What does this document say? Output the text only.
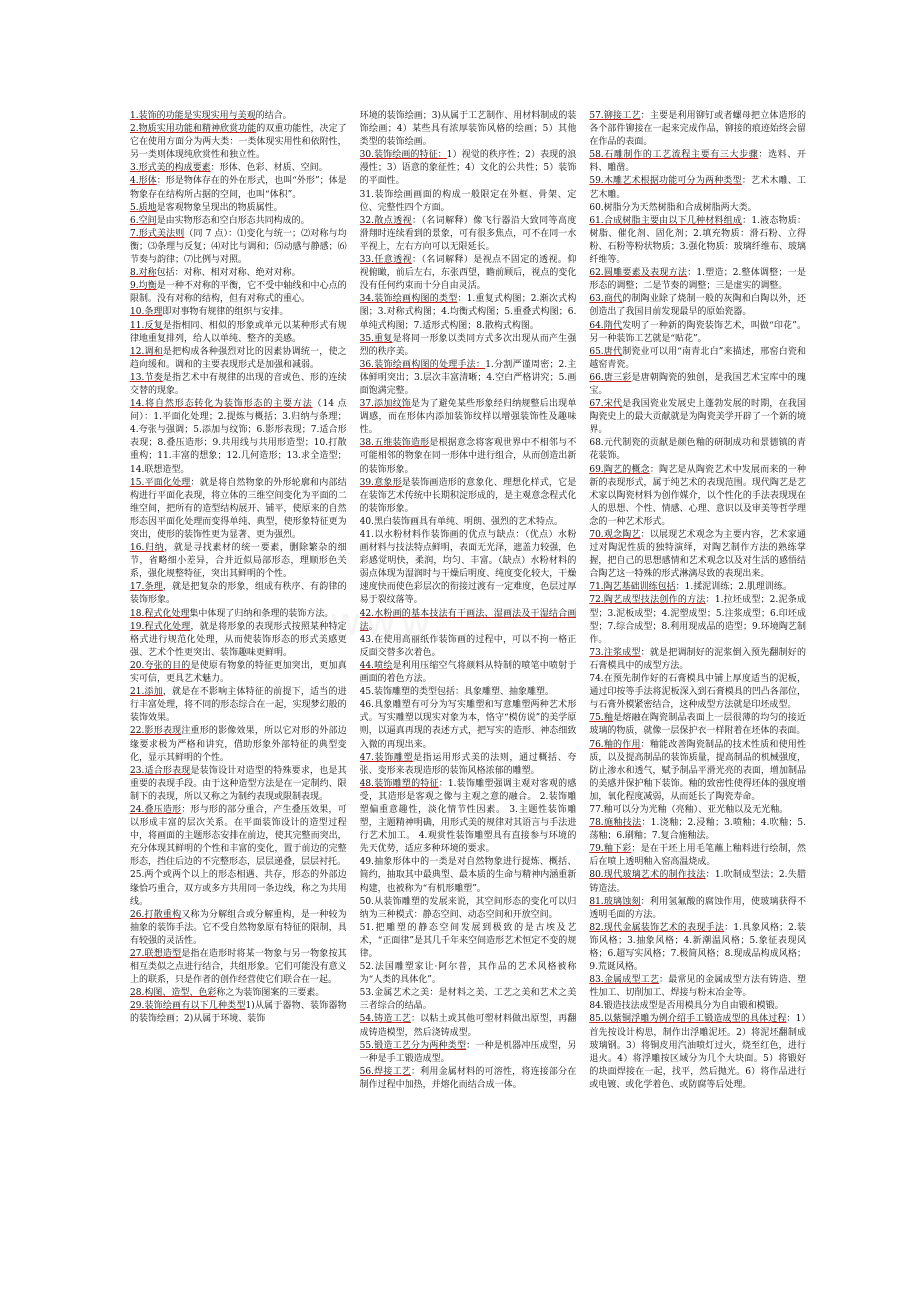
1.装饰的功能是实现实用与美观的结合。

2.物质实用功能和精神欣赏功能的双重功能性，决定了它在使用方面分为两大类：一类体现实用性和依附性，另一类则体现纯欣赏性和独立性。

3.形式美的构成要素：形体、色彩、材质、空间。

4.形体：形是物体存在的外在形式，也叫“外形”；体是物象存在结构所占据的空间，也叫“体积”。

5.质地是客观物象呈现出的物质属性。

6.空间是由实物形态和空白形态共同构成的。

7.形式美法则（同 7 点）：⑴变化与统一；⑵对称与均衡；⑶条理与反复；⑷对比与调和；⑸动感与静感；⑹节奏与韵律；⑺比例与对照。

8.对称包括：对称、相对对称、绝对对称。

9.均衡是一种不对称的平衡，它不受中轴线和中心点的限制。没有对称的结构，但有对称式的重心。

10.条理即对事物有规律的组织与安排。

11.反复是指相同、相似的形象或单元以某种形式有规律地重复排列，给人以单纯、整齐的美感。

12.调和是把构成各种强烈对比的因素协调统一，使之趋向缓和。调和的主要表现形式是加强和减弱。

13.节奏是指艺术中有规律的出现的音或色、形的连续交替的现象。

14.将自然形态转化为装饰形态的主要方法（14 点 问）：1.平面化处理；2.提炼与概括；3.归纳与条理；4.夸张与强调；5.添加与纹饰；6.影形表现；7.适合形表现；8.叠压造形；9.共用线与共用形造型；10.打散重构；11.丰富的想象；12.几何造形；13.求全造型；14.联想造型。

15.平面化处理：就是将自然物象的外形轮廓和内部结构进行平面化表现，将立体的三维空间变化为平面的二维空间，把所有的造型结构展开、铺平，使原来的自然形态因平面化处理而变得单纯、典型，使形象特征更为突出，使形的装饰性更为显著、更为强烈。

16.归纳，就是寻找素材的统一要素，删除繁杂的细节，省略细小差异，合并近似局部形态，理顺形色关系，强化规整特征，突出其鲜明的个性。

17.条理，就是把复杂的形象，组成有秩序、有韵律的装饰形象。

18.程式化处理集中体现了归纳和条理的装饰方法。

19.程式化处理，就是将形象的表现形式按照某种特定格式进行规范化处理，从而使装饰形态的形式美感更强、艺术个性更突出、装饰趣味更鲜明。

20.夸张的目的是使原有物象的特征更加突出，更加真实可信，更具艺术魅力。

21.添加，就是在不影响主体特征的前提下，适当的进行丰富处理，将不同的形态综合在一起，实现梦幻般的装饰效果。

22.影形表现注重形的影像效果，所以它对形的外部边缘要求极为严格和讲究，借助形象外部特征的典型变化，显示其鲜明的个性。

23.适合形表现是装饰设计对造型的特殊要求，也是其重要的表现手段。由于这种造型方法是在一定制约、限制下的表现，所以又称之为制约表现或限制表现。

24.叠压造形：形与形的部分重合，产生叠压效果，可以形成丰富的层次关系。在平面装饰设计的造型过程中，将画面的主题形态安排在前边，使其完整而突出，充分体现其鲜明的个性和丰富的变化，置于前边的完整形态，挡住后边的不完整形态，层层递叠，层层衬托。

25.两个或两个以上的形态相遇、共存，形态的外部边缘恰巧重合，双方或多方共用同一条边线，称之为共用线。

26.打散重构又称为分解组合或分解重构，是一种较为抽象的装饰手法。它不受自然物象原有特征的限制，具有较强的灵活性。

27.联想造型是指在造形时将某一物象与另一物象按其相互类似之点进行结合，共组形象。它们可能没有意义上的联系，只是作者的创作经营使它们联合在一起。

28.构图、造型、色彩称之为装饰图案的三要素。

29.装饰绘画有以下几种类型1)从属于器物、装饰器物的装饰绘画；2)从属于环境、装饰

环境的装饰绘画；3)从属于工艺制作、用材料制成的装饰绘画；4）某些具有浓厚装饰风格的绘画；5）其他类型的装饰绘画。

30.装饰绘画的特征：1）视觉的秩序性；2）表现的浪漫性；3）语意的象征性；4）文化的公共性；5）装饰的平面性。

31.装饰绘画画面的构成一般限定在外框、骨架、定位、完整性四个方面。

32.散点透视：（名词解释）像飞行器沿大致同等高度滑翔时连续看到的景象，可有很多焦点，可不在同一水平视上，左右方向可以无限延长。

33.任意透视：（名词解释）是视点不固定的透视。仰视俯瞰，前后左右，东张西望，瞻前顾后，视点的变化没有任何约束而十分自由灵活。

34.装饰绘画构图的类型：1.重复式构图；2.渐次式构图；3.对称式构图；4.均衡式构图；5.重叠式构图；6.单纯式构图；7.适形式构图；8.散构式构图。

35.重复是将同一形象以类同方式多次出现从而产生强烈的秩序美。

36.装饰绘画构图的处理手法：1.分割严谨周密；2.主体鲜明突出；3.层次丰富清晰；4.空白严格讲究；5.画面饱满完整。

37.添加纹饰是为了避免某些形象经归纳规整后出现单调感，而在形体内添加装饰纹样以增强装饰性及趣味性。

38.五维装饰造形是根据意念将客观世界中不相邻与不可能相邻的物象在同一形体中进行组合，从而创造出新的装饰形象。

39.意象形是装饰画造形的意象化、理想化样式，它是在装饰艺术传统中长期积淀形成的，是主观意念程式化的装饰形象。

40.黑白装饰画具有单纯、明朗、强烈的艺术特点。

41.以水粉材料作装饰画的优点与缺点：（优点）水粉画材料与技法特点鲜明，表面无光泽，遮盖力较强，色彩感觉明快，柔润，均匀、丰富。（缺点）水粉材料的弱点体现为湿润时与干燥后明度、纯度变化较大，干燥速度快而使色彩层次的衔接过渡有一定难度，色层过厚易于裂纹落等。

42.水粉画的基本技法有干画法、湿画法及干湿结合画法。

43.在使用高丽纸作装饰画的过程中，可以不拘一格正反面交替多次着色。

44.喷绘是利用压缩空气将颜料从特制的喷笔中喷射于画面的着色方法。

45.装饰雕塑的类型包括：具象雕塑、抽象雕塑。

46.具象雕塑有可分为写实雕塑和写意雕塑两种艺术形式。写实雕塑以现实对象为本，恪守“模仿说”的美学原则，以逼真再现的表述方式，把写实的造形、神态细致入微的再现出来。

47.装饰雕塑是指运用形式美的法则，通过概括、夸张、变形来表现造形的装饰风格浓郁的雕塑。

48.装饰雕塑的特征：1.装饰雕塑强调主观对客观的感受，其造形是客观之像与主观之意的融合。 2.装饰雕塑偏重意趣性，淡化情节性因素。 3.主题性装饰雕塑，主题精神明确，用形式美的规律对其语言与手法进行艺术加工。 4.观赏性装饰雕塑具有直接参与环境的先天优势，适应多种环境的要求。

49.抽象形体中的一类是对自然物象进行提炼、概括、简约，抽取其中最典型、最本质的生命与精神内涵重新构建，也被称为“有机形雕塑”。

50.从装饰雕塑的发展来说，其空间形态的变化可以归纳为三种模式：静态空间、动态空间和开放空间。

51.把雕塑的静态空间发展到极致的是古埃及艺术，“正面律”是其几千年来空间造形艺术恒定不变的规律。

52.法国雕塑家让·阿尔普，其作品的艺术风格被称为“人类的具体化”。

53.金属艺术之美：是材料之美、工艺之美和艺术之美三者综合的结晶。

54.铸造工艺：以粘土或其他可塑材料做出原型，再翻成铸造模型，然后浇铸成型。

55.锻造工艺分为两种类型：一种是机器冲压成型，另一种是手工锻造成型。

56.焊接工艺：利用金属材料的可溶性，将连接部分在制作过程中加热，并熔化而结合成一体。

57.铆接工艺：主要是利用铆钉或者螺母把立体造形的各个部件铆接在一起来完成作品，铆接的痕迹始终会留在作品的表面。

58.石雕制作的工艺流程主要有三大步骤：选料、开料、雕凿。

59.木雕艺术根据功能可分为两种类型：艺术木雕、工艺木雕。

60.树脂分为天然树脂和合成树脂两大类。

61.合成树脂主要由以下几种材料组成：1.液态物质：树脂、催化剂、固化剂；2.填充物质：滑石粉、立得粉、石粉等粉状物质；3.强化物质：玻璃纤维布、玻璃纤维等。

62.圆雕要素及表现方法：1.塑造；2.整体调整；一是形态的调整；二是节奏的调整；三是虚实的调整。

63.商代的制陶业除了烧制一般的灰陶和白陶以外，还创造出了我国目前发现最早的原始瓷器。

64.隋代发明了一种新的陶瓷装饰艺术，叫做“印花”。另一种装饰工艺就是“贴花”。

65.唐代制瓷业可以用“南青北白”来描述，邢窑白瓷和越窑青瓷。

66.唐三彩是唐朝陶瓷的独创，是我国艺术宝库中的瑰宝。

67.宋代是我国瓷业发展史上蓬勃发展的时期，在我国陶瓷史上的最大贡献就是为陶瓷美学开辟了一个新的境界。

68.元代制瓷的贡献是颜色釉的研制成功和景德镇的青花装饰。

69.陶艺的概念：陶艺是从陶瓷艺术中发展而来的一种新的表现形式，属于纯艺术的表现范围。现代陶艺是艺术家以陶瓷材料为创作媒介，以个性化的手法表现现在人的思想、个性、情感、心理、意识以及审美等哲学理念的一种艺术形式。

70.观念陶艺：以展现艺术观念为主要内容，艺术家通过对陶泥性质的独特演绎，对陶艺制作方法的熟练掌握，把自己的思想感情和艺术观念以及对生活的感悟结合陶艺这一特殊的形式淋漓尽致的表现出来。

71.陶艺基础训练包括：1.揉泥训练；2.肌理训练。

72.陶艺成型技法创作的方法：1.拉坯成型；2.泥条成型；3.泥板成型；4.泥塑成型；5.注浆成型；6.印坯成型；7.综合成型；8.利用现成品的造型；9.环境陶艺制作。

73.注浆成型：就是把调制好的泥浆倒入预先翻制好的石膏模具中的成型方法。

74.在预先制作好的石膏模具中铺上厚度适当的泥板，通过印按等手法将泥板深入到石膏模具的凹凸各部位，与石膏外模紧密结合，这种成型方法就是印坯成型。

75.釉是熔融在陶瓷制品表面上一层很薄的均匀的接近玻璃的物质，就像一层保护衣一样附着在坯体的表面。

76.釉的作用：釉能改善陶瓷制品的技术性质和使用性质，以及提高制品的装饰质量，提高制品的机械强度，防止渗水和透气，赋予制品平滑光亮的表面，增加制品的美感并保护釉下装饰。釉的致密性使得坯体的强度增加，氧化程度减弱，从而延长了陶瓷寿命。

77.釉可以分为光釉（亮釉）、亚光釉以及无光釉。

78.施釉技法：1.浇釉；2.浸釉；3.喷釉；4.吹釉；5.荡釉；6.刷釉；7.复合施釉法。

79.釉下彩：是在干坯上用毛笔蘸上釉料进行绘制，然后在喷上透明釉入窑高温烧成。

80.现代玻璃艺术的制作技法：1.吹制成型法；2.失腊铸造法。

81.玻璃蚀刻：利用氢氟酸的腐蚀作用，使玻璃获得不透明毛面的方法。

82.现代金属装饰艺术的表现手法：1.具象风格；2.装饰风格；3.抽象风格；4.新潮温风格；5.象征表现风格；6.超写实风格；7.极简风格；8.现成品构成风格；9.荒诞风格。

83.金属成型工艺：最常见的金属成型方法有铸造、塑性加工、切削加工、焊接与粉末冶金等。

84.锻造技法成型是否用模具分为自由锻和模锻。

85.以紫铜浮雕为例介绍手工锻造成型的具体过程：1）首先按设计构思，制作出浮雕泥坯。2）将泥坯翻制成玻璃钢。3）将铜皮用汽油喷灯过火，烧至红色，进行退火。4）将浮雕按区域分为几个大块面。5）将锻好的块面焊接在一起，找平，然后抛光。6）将作品进行或电镀、或化学着色、或防腐等后处理。
